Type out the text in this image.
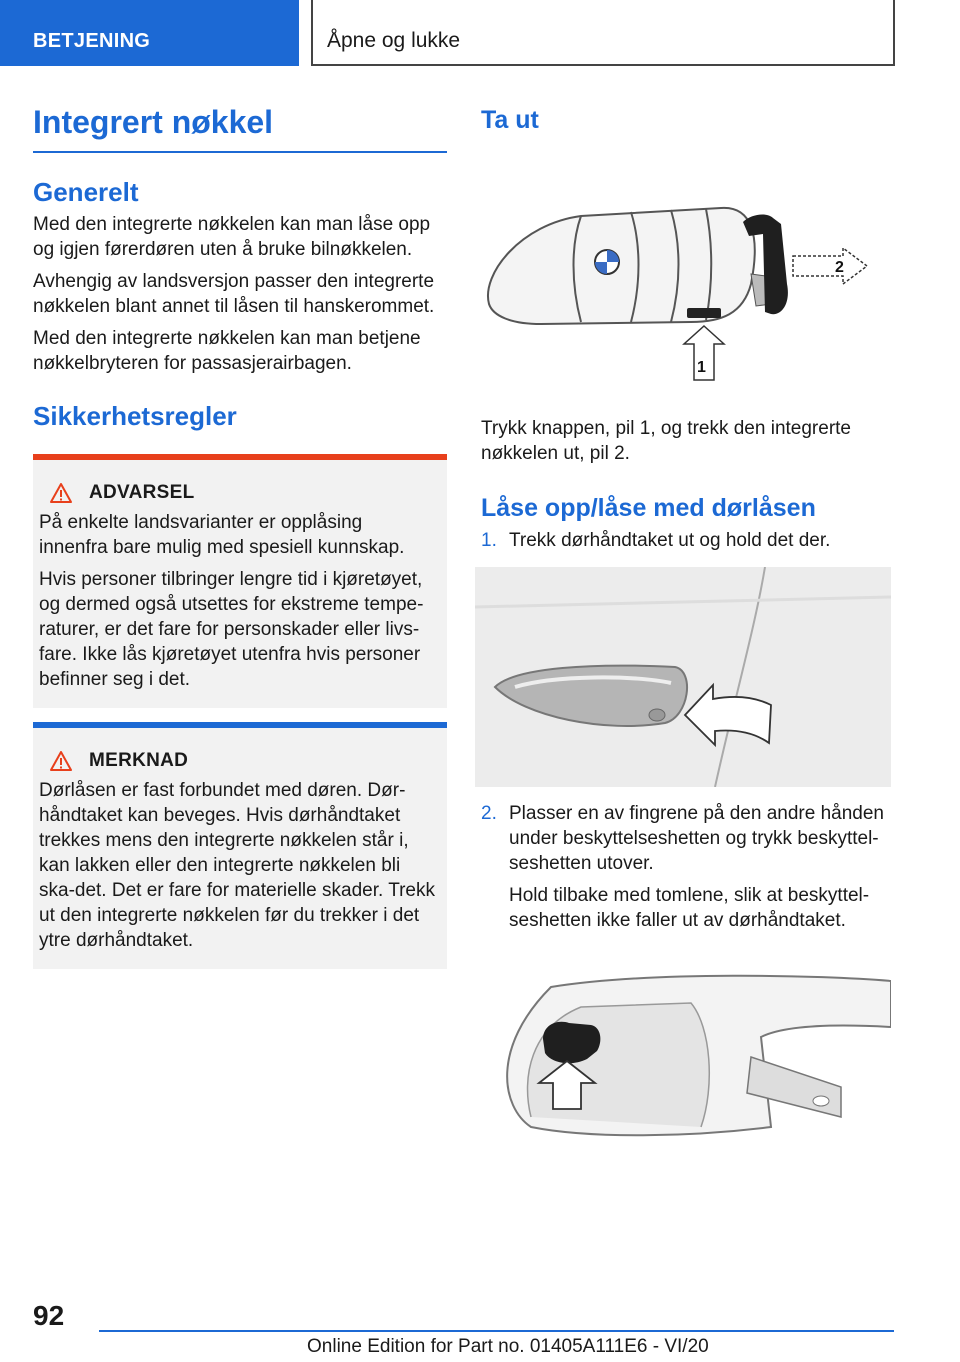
BETJENING	Åpne og lukke
Integrert nøkkel
Generelt

Med den integrerte nøkkelen kan man låse opp og igjen førerdøren uten å bruke bilnøkkelen.

Avhengig av landsversjon passer den integrerte nøkkelen blant annet til låsen til hanskerommet.

Med den integrerte nøkkelen kan man betjene nøkkelbryteren for passasjerairbagen.

Sikkerhetsregler
ADVARSEL

På enkelte landsvarianter er opplåsing innenfra bare mulig med spesiell kunnskap.

Hvis personer tilbringer lengre tid i kjøretøyet, og dermed også utsettes for ekstreme tempe-raturer, er det fare for personskader eller livs-fare. Ikke lås kjøretøyet utenfra hvis personer befinner seg i det.

MERKNAD

Dørlåsen er fast forbundet med døren. Dør-håndtaket kan beveges. Hvis dørhåndtaket trekkes mens den integrerte nøkkelen står i, kan lakken eller den integrerte nøkkelen bli ska-det. Det er fare for materielle skader. Trekk ut den integrerte nøkkelen før du trekker i det ytre dørhåndtaket.

Ta ut
2
1

Trykk knappen, pil 1, og trekk den integrerte nøkkelen ut, pil 2.

Låse opp/låse med dørlåsen
1. Trekk dørhåndtaket ut og hold det der.
2. Plasser en av fingrene på den andre hånden under beskyttelseshetten og trykk beskyttel-seshetten utover.

Hold tilbake med tomlene, slik at beskyttel-seshetten ikke faller ut av dørhåndtaket.

92
Online Edition for Part no. 01405A111E6 - VI/20
